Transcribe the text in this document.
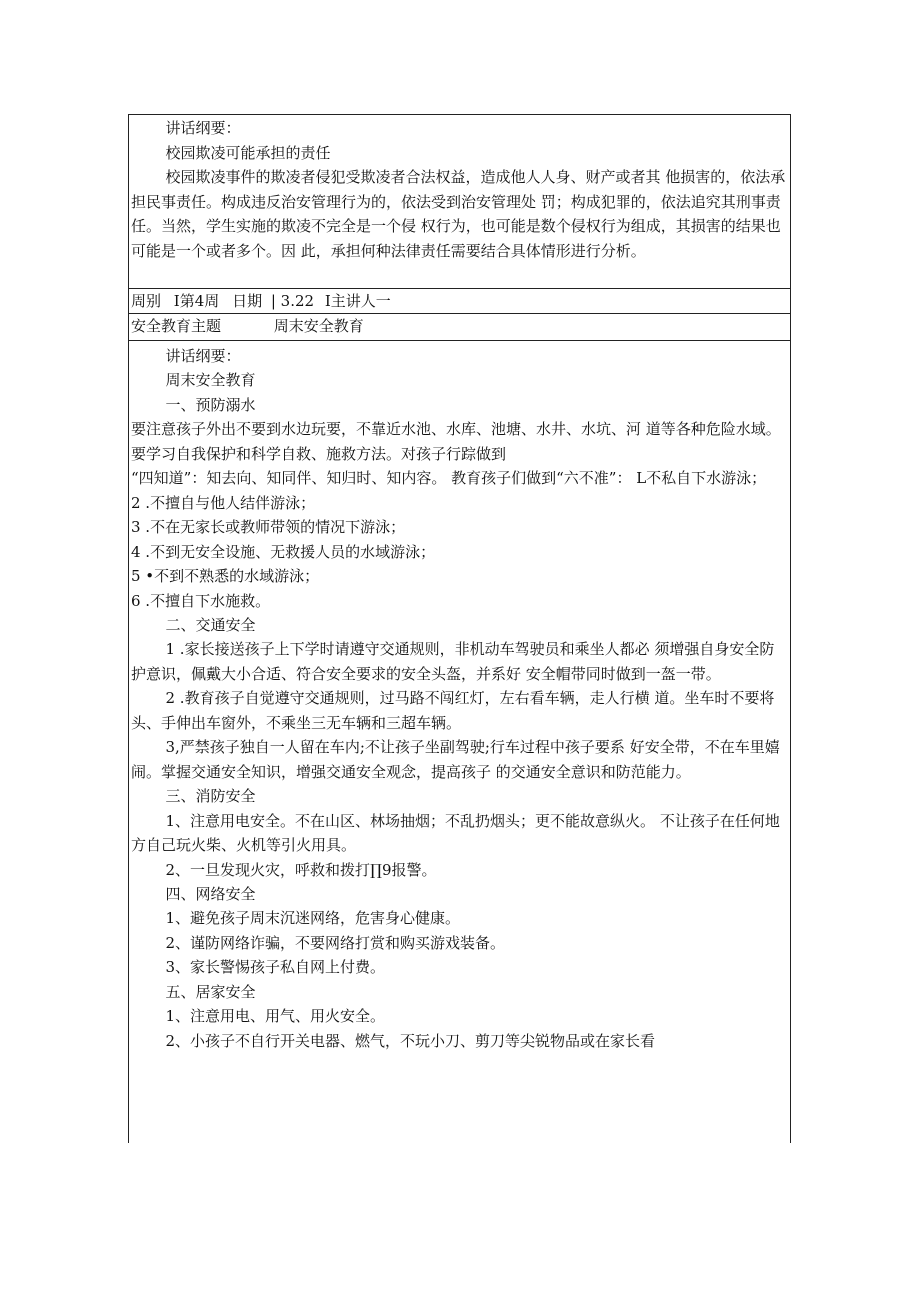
讲话纲要：

校园欺凌可能承担的责任

校园欺凌事件的欺凌者侵犯受欺凌者合法权益，造成他人人身、财产或者其 他损害的，依法承担民事责任。构成违反治安管理行为的，依法受到治安管理处 罚；构成犯罪的，依法追究其刑事责任。当然，学生实施的欺凌不完全是一个侵 权行为，也可能是数个侵权行为组成，其损害的结果也可能是一个或者多个。因 此，承担何种法律责任需要结合具体情形进行分析。

周别 I第4周 日期 | 3.22 I主讲人一
安全教育主题	周末安全教育

讲话纲要：

周末安全教育

一、预防溺水

要注意孩子外出不要到水边玩要，不靠近水池、水库、池塘、水井、水坑、河 道等各种危险水域。要学习自我保护和科学自救、施救方法。对孩子行踪做到

“四知道”：知去向、知同伴、知归时、知内容。 教育孩子们做到“六不准”： L不私自下水游泳；

2 .不擅自与他人结伴游泳；

3 .不在无家长或教师带领的情况下游泳；

4 .不到无安全设施、无救援人员的水域游泳；

5 •不到不熟悉的水域游泳；

6 .不擅自下水施救。

二、交通安全

1 .家长接送孩子上下学时请遵守交通规则，非机动车驾驶员和乘坐人都必 须增强自身安全防护意识，佩戴大小合适、符合安全要求的安全头盔，并系好 安全帽带同时做到一盔一带。

2 .教育孩子自觉遵守交通规则，过马路不闯红灯，左右看车辆，走人行横 道。坐车时不要将头、手伸出车窗外，不乘坐三无车辆和三超车辆。

3,严禁孩子独自一人留在车内;不让孩子坐副驾驶;行车过程中孩子要系 好安全带，不在车里嬉闹。掌握交通安全知识，增强交通安全观念，提高孩子 的交通安全意识和防范能力。

三、消防安全

1、注意用电安全。不在山区、林场抽烟；不乱扔烟头；更不能故意纵火。 不让孩子在任何地方自己玩火柴、火机等引火用具。

2、一旦发现火灾，呼救和拨打∏9报警。

四、网络安全

1、避免孩子周末沉迷网络，危害身心健康。

2、谨防网络诈骗，不要网络打赏和购买游戏装备。

3、家长警惕孩子私自网上付费。

五、居家安全

1、注意用电、用气、用火安全。

2、小孩子不自行开关电器、燃气，不玩小刀、剪刀等尖锐物品或在家长看
